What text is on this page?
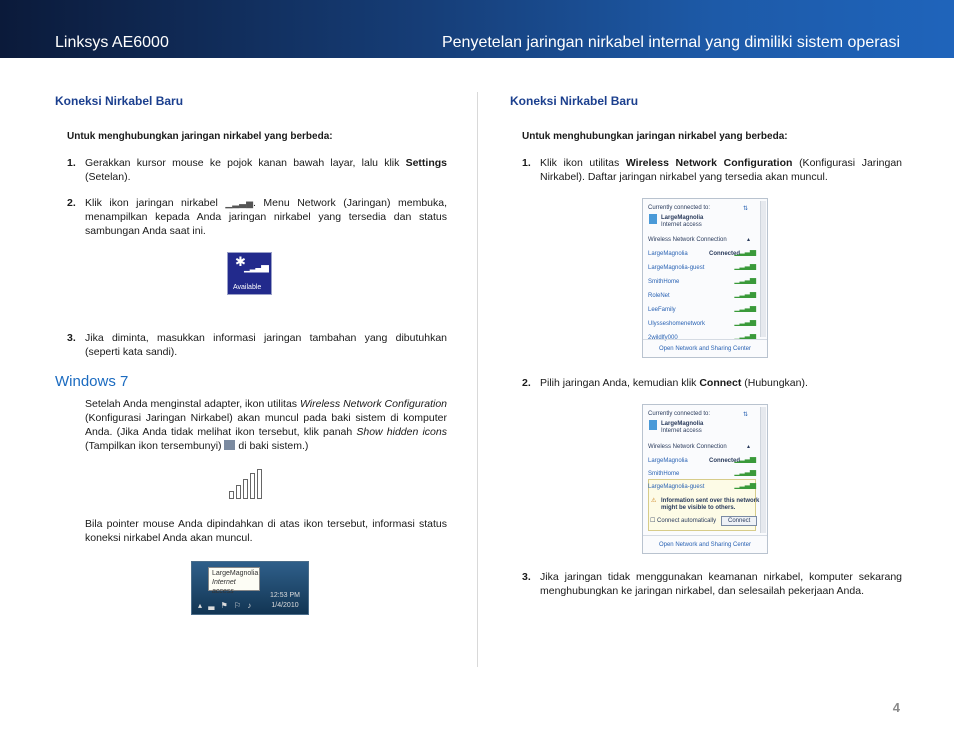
Linksys AE6000	Penyetelan jaringan nirkabel internal yang dimiliki sistem operasi
Koneksi Nirkabel Baru
Untuk menghubungkan jaringan nirkabel yang berbeda:
1. Gerakkan kursor mouse ke pojok kanan bawah layar, lalu klik Settings (Setelan).
2. Klik ikon jaringan nirkabel ▁▂▃▅. Menu Network (Jaringan) membuka, menampilkan kepada Anda jaringan nirkabel yang tersedia dan status sambungan Anda saat ini.
✱
▁▂▃▅
Available
3. Jika diminta, masukkan informasi jaringan tambahan yang dibutuhkan (seperti kata sandi).
Windows 7
Setelah Anda menginstal adapter, ikon utilitas Wireless Network Configuration (Konfigurasi Jaringan Nirkabel) akan muncul pada baki sistem di komputer Anda. (Jika Anda tidak melihat ikon tersebut, klik panah Show hidden icons (Tampilkan ikon tersembunyi)  di baki sistem.)
Bila pointer mouse Anda dipindahkan di atas ikon tersebut, informasi status koneksi nirkabel Anda akan muncul.
LargeMagnolia
Internet access
▴ ▃ ⚑ ⚐ ♪
12:53 PM
1/4/2010
Koneksi Nirkabel Baru
Untuk menghubungkan jaringan nirkabel yang berbeda:
1. Klik ikon utilitas Wireless Network Configuration (Konfigurasi Jaringan Nirkabel). Daftar jaringan nirkabel yang tersedia akan muncul.
Currently connected to:	⇅
LargeMagnolia
Internet access
Wireless Network Connection	▴
LargeMagnolia	Connected
▁▂▃▅
LargeMagnolia-guest	▁▂▃▅
SmithHome	▁▂▃▅
RoleNet	▁▂▃▅
LeeFamily	▁▂▃▅
Ulysseshomenetwork	▁▂▃▅
2wildlfy000	▁▂▃▅
Open Network and Sharing Center
2. Pilih jaringan Anda, kemudian klik Connect (Hubungkan).
Currently connected to:	⇅
LargeMagnolia
Internet access
Wireless Network Connection	▴
LargeMagnolia	Connected
▁▂▃▅
SmithHome	▁▂▃▅
LargeMagnolia-guest	▁▂▃▅
⚠ Information sent over this network
might be visible to others.
☐ Connect automatically	Connect
Open Network and Sharing Center
3. Jika jaringan tidak menggunakan keamanan nirkabel, komputer sekarang menghubungkan ke jaringan nirkabel, dan selesailah pekerjaan Anda.
4
